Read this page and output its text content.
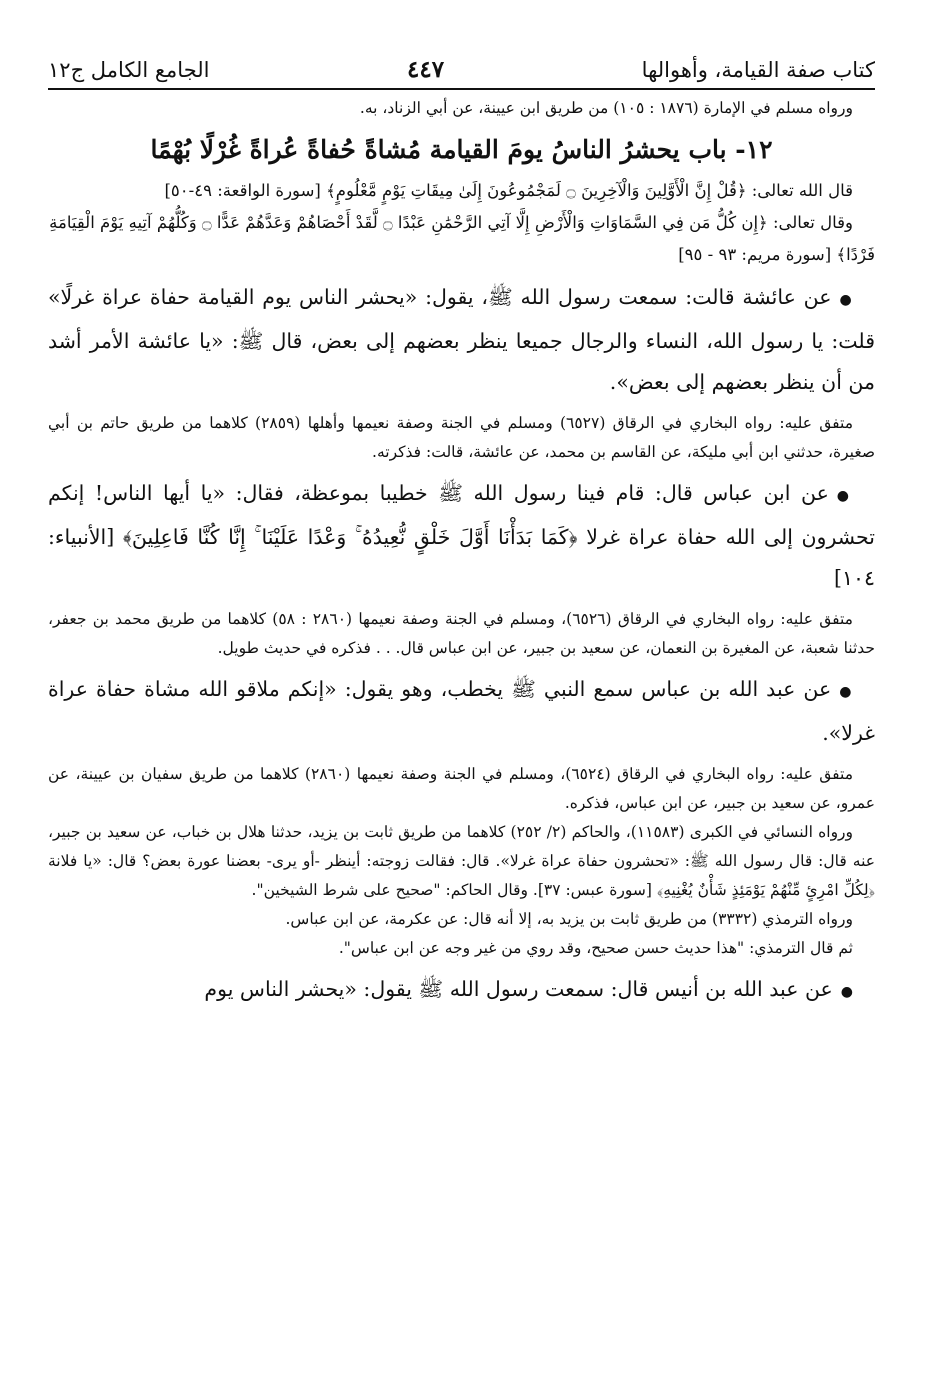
كتاب صفة القيامة، وأهوالها
٤٤٧
الجامع الكامل ج١٢

ورواه مسلم في الإمارة (١٨٧٦ : ١٠٥) من طريق ابن عيينة، عن أبي الزناد، به.

١٢- باب يحشرُ الناسُ يومَ القيامة مُشاةً حُفاةً عُراةً غُرْلًا بُهْمًا

قال الله تعالى: ﴿قُلْ إِنَّ الْأَوَّلِينَ وَالْآخِرِينَ ۝ لَمَجْمُوعُونَ إِلَىٰ مِيقَاتِ يَوْمٍ مَّعْلُومٍ﴾ [سورة الواقعة: ٤٩-٥٠]

وقال تعالى: ﴿إِن كُلُّ مَن فِي السَّمَاوَاتِ وَالْأَرْضِ إِلَّا آتِي الرَّحْمَٰنِ عَبْدًا ۝ لَّقَدْ أَحْصَاهُمْ وَعَدَّهُمْ عَدًّا ۝ وَكُلُّهُمْ آتِيهِ يَوْمَ الْقِيَامَةِ فَرْدًا﴾ [سورة مريم: ٩٣ - ٩٥]

●عن عائشة قالت: سمعت رسول الله ﷺ، يقول: «يحشر الناس يوم القيامة حفاة عراة غرلًا» قلت: يا رسول الله، النساء والرجال جميعا ينظر بعضهم إلى بعض، قال ﷺ: «يا عائشة الأمر أشد من أن ينظر بعضهم إلى بعض».

متفق عليه: رواه البخاري في الرقاق (٦٥٢٧) ومسلم في الجنة وصفة نعيمها وأهلها (٢٨٥٩) كلاهما من طريق حاتم بن أبي صغيرة، حدثني ابن أبي مليكة، عن القاسم بن محمد، عن عائشة، قالت: فذكرته.

●عن ابن عباس قال: قام فينا رسول الله ﷺ خطيبا بموعظة، فقال: «يا أيها الناس! إنكم تحشرون إلى الله حفاة عراة غرلا ﴿كَمَا بَدَأْنَا أَوَّلَ خَلْقٍ نُّعِيدُهُ ۚ وَعْدًا عَلَيْنَا ۚ إِنَّا كُنَّا فَاعِلِينَ﴾ [الأنبياء: ١٠٤]

متفق عليه: رواه البخاري في الرقاق (٦٥٢٦)، ومسلم في الجنة وصفة نعيمها (٢٨٦٠ : ٥٨) كلاهما من طريق محمد بن جعفر، حدثنا شعبة، عن المغيرة بن النعمان، عن سعيد بن جبير، عن ابن عباس قال. . . فذكره في حديث طويل.

●عن عبد الله بن عباس سمع النبي ﷺ يخطب، وهو يقول: «إنكم ملاقو الله مشاة حفاة عراة غرلا».

متفق عليه: رواه البخاري في الرقاق (٦٥٢٤)، ومسلم في الجنة وصفة نعيمها (٢٨٦٠) كلاهما من طريق سفيان بن عيينة، عن عمرو، عن سعيد بن جبير، عن ابن عباس، فذكره.

ورواه النسائي في الكبرى (١١٥٨٣)، والحاكم (٢/ ٢٥٢) كلاهما من طريق ثابت بن يزيد، حدثنا هلال بن خباب، عن سعيد بن جبير، عنه قال: قال رسول الله ﷺ: «تحشرون حفاة عراة غرلا». قال: فقالت زوجته: أينظر -أو يرى- بعضنا عورة بعض؟ قال: «يا فلانة ﴿لِكُلِّ امْرِئٍ مِّنْهُمْ يَوْمَئِذٍ شَأْنٌ يُغْنِيهِ﴾ [سورة عبس: ٣٧]. وقال الحاكم: "صحيح على شرط الشيخين".

ورواه الترمذي (٣٣٣٢) من طريق ثابت بن يزيد به، إلا أنه قال: عن عكرمة، عن ابن عباس.

ثم قال الترمذي: "هذا حديث حسن صحيح، وقد روي من غير وجه عن ابن عباس".

●عن عبد الله بن أنيس قال: سمعت رسول الله ﷺ يقول: «يحشر الناس يوم
